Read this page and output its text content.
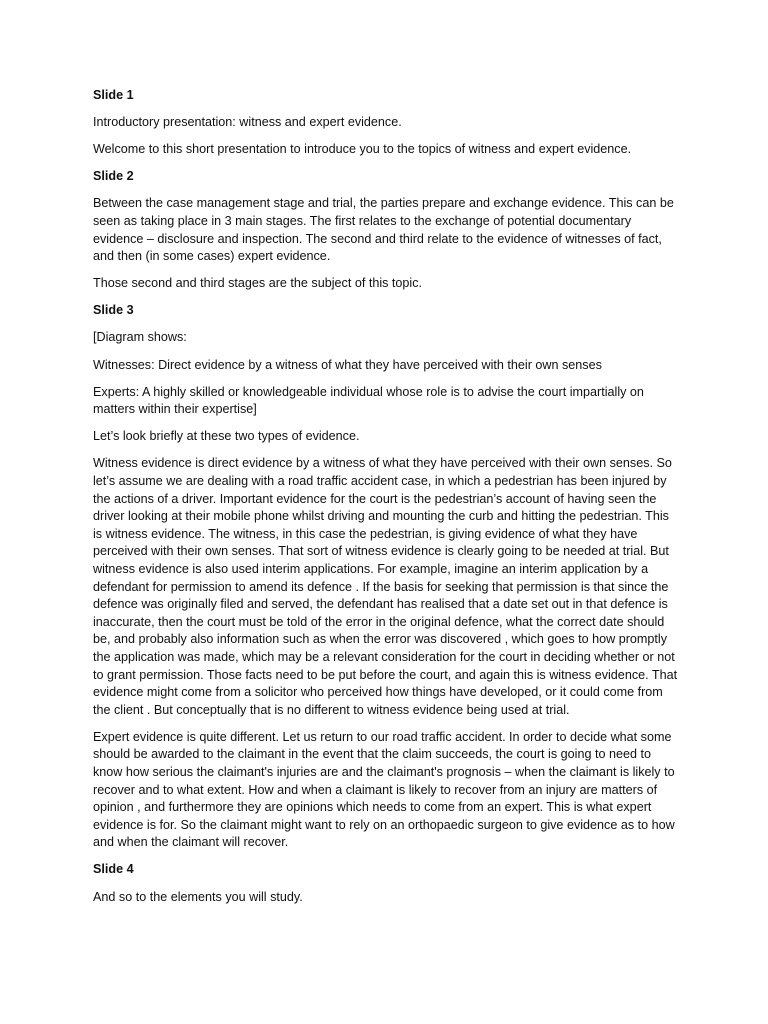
Slide 1

Introductory presentation: witness and expert evidence.

Welcome to this short presentation to introduce you to the topics of witness and expert evidence.

Slide 2

Between the case management stage and trial, the parties prepare and exchange evidence. This can be seen as taking place in 3 main stages. The first relates to the exchange of potential documentary evidence – disclosure and inspection. The second and third relate to the evidence of witnesses of fact, and then (in some cases) expert evidence.

Those second and third stages are the subject of this topic.

Slide 3

[Diagram shows:

Witnesses: Direct evidence by a witness of what they have perceived with their own senses

Experts: A highly skilled or knowledgeable individual whose role is to advise the court impartially on matters within their expertise]

Let’s look briefly at these two types of evidence.

Witness evidence is direct evidence by a witness of what they have perceived with their own senses. So let’s assume we are dealing with a road traffic accident case, in which a pedestrian has been injured by the actions of a driver. Important evidence for the court is the pedestrian’s account of having seen the driver looking at their mobile phone whilst driving and mounting the curb and hitting the pedestrian. This is witness evidence. The witness, in this case the pedestrian, is giving evidence of what they have perceived with their own senses. That sort of witness evidence is clearly going to be needed at trial. But witness evidence is also used interim applications. For example, imagine an interim application by a defendant for permission to amend its defence . If the basis for seeking that permission is that since the defence was originally filed and served, the defendant has realised that a date set out in that defence is inaccurate, then the court must be told of the error in the original defence, what the correct date should be, and probably also information such as when the error was discovered , which goes to how promptly the application was made, which may be a relevant consideration for the court in deciding whether or not to grant permission. Those facts need to be put before the court, and again this is witness evidence. That evidence might come from a solicitor who perceived how things have developed, or it could come from the client . But conceptually that is no different to witness evidence being used at trial.

Expert evidence is quite different. Let us return to our road traffic accident. In order to decide what some should be awarded to the claimant in the event that the claim succeeds, the court is going to need to know how serious the claimant's injuries are and the claimant's prognosis – when the claimant is likely to recover and to what extent. How and when a claimant is likely to recover from an injury are matters of opinion , and furthermore they are opinions which needs to come from an expert. This is what expert evidence is for. So the claimant might want to rely on an orthopaedic surgeon to give evidence as to how and when the claimant will recover.

Slide 4

And so to the elements you will study.
